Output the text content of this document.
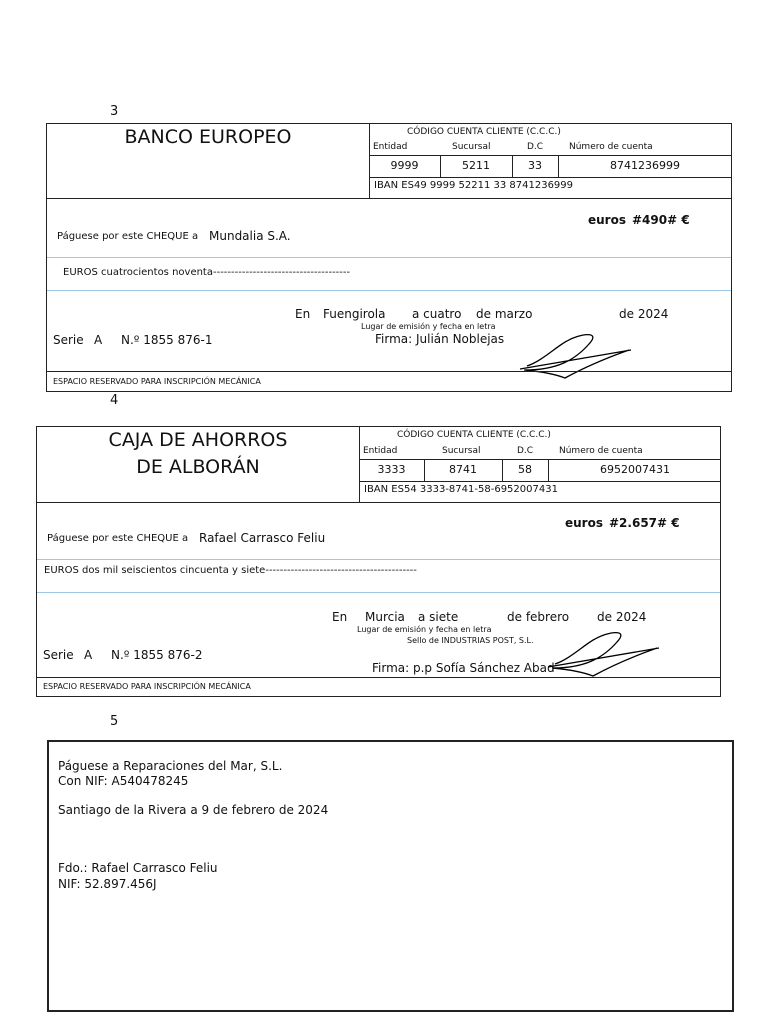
3
BANCO EUROPEO	CÓDIGO CUENTA CLIENTE (C.C.C.)
Entidad	Sucursal	D.C	Número de cuenta
9999	5211	33	8741236999
IBAN ES49 9999 52211 33 8741236999
euros #490# €
Páguese por este CHEQUE a Mundalia S.A.
EUROS cuatrocientos noventa--------------------------------------
En Fuengirola a cuatro de marzo	de 2024
Lugar de emisión y fecha en letra
Serie A N.º 1855 876-1	Firma: Julián Noblejas
ESPACIO RESERVADO PARA INSCRIPCIÓN MECÁNICA
4
CAJA DE AHORROS
DE ALBORÁN
CÓDIGO CUENTA CLIENTE (C.C.C.)
Entidad	Sucursal	D.C	Número de cuenta
3333	8741	58	6952007431
IBAN ES54 3333-8741-58-6952007431
euros #2.657# €
Páguese por este CHEQUE a Rafael Carrasco Feliu
EUROS dos mil seiscientos cincuenta y siete------------------------------------------
En Murcia a siete	de febrero de 2024
Lugar de emisión y fecha en letra
Sello de INDUSTRIAS POST, S.L.
Serie A N.º 1855 876-2
Firma: p.p Sofía Sánchez Abad
ESPACIO RESERVADO PARA INSCRIPCIÓN MECÁNICA
5
Páguese a Reparaciones del Mar, S.L.
Con NIF: A540478245
Santiago de la Rivera a 9 de febrero de 2024
Fdo.: Rafael Carrasco Feliu
NIF: 52.897.456J
